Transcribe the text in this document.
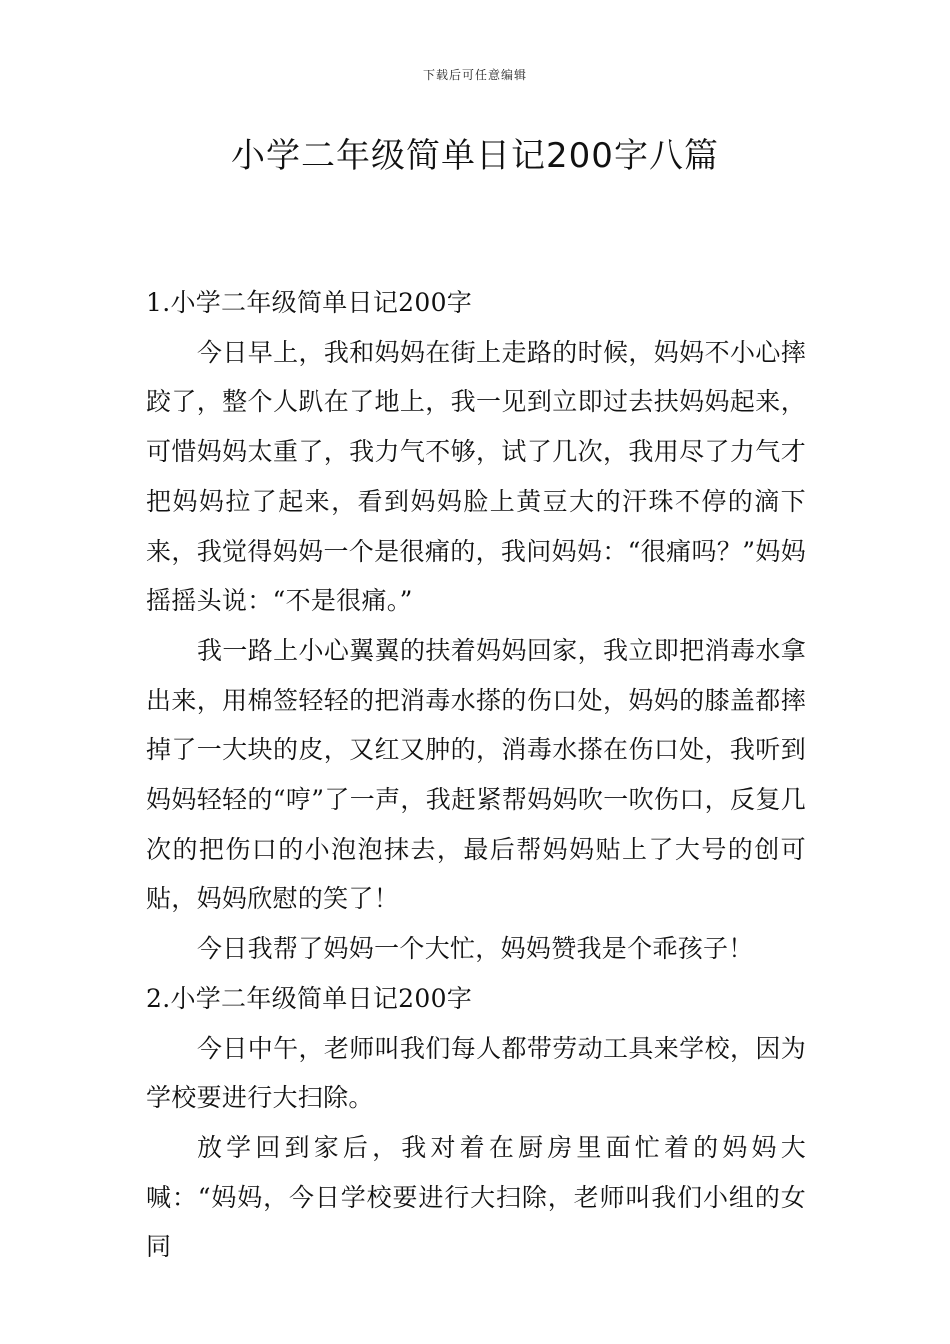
下载后可任意编辑
小学二年级简单日记200字八篇

1.小学二年级简单日记200字

今日早上，我和妈妈在街上走路的时候，妈妈不小心摔跤了，整个人趴在了地上，我一见到立即过去扶妈妈起来，可惜妈妈太重了，我力气不够，试了几次，我用尽了力气才把妈妈拉了起来，看到妈妈脸上黄豆大的汗珠不停的滴下来，我觉得妈妈一个是很痛的，我问妈妈：“很痛吗？”妈妈摇摇头说：“不是很痛。”

我一路上小心翼翼的扶着妈妈回家，我立即把消毒水拿出来，用棉签轻轻的把消毒水搽的伤口处，妈妈的膝盖都摔掉了一大块的皮，又红又肿的，消毒水搽在伤口处，我听到妈妈轻轻的“哼”了一声，我赶紧帮妈妈吹一吹伤口，反复几次的把伤口的小泡泡抹去，最后帮妈妈贴上了大号的创可贴，妈妈欣慰的笑了！

今日我帮了妈妈一个大忙，妈妈赞我是个乖孩子！

2.小学二年级简单日记200字

今日中午，老师叫我们每人都带劳动工具来学校，因为学校要进行大扫除。

放学回到家后，我对着在厨房里面忙着的妈妈大喊：“妈妈，今日学校要进行大扫除，老师叫我们小组的女同
